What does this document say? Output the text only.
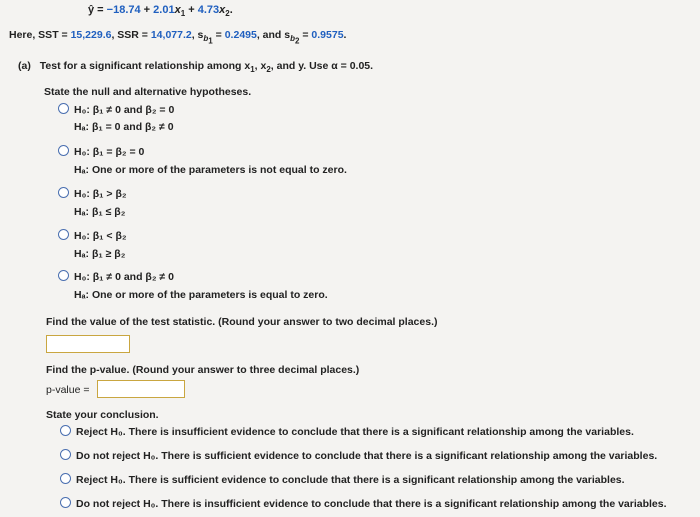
ŷ = $-18.74 + 2.01x_1 + 4.73x_2$.
Here, SST = 15,229.6, SSR = 14,077.2, $s_{b_1} = 0.2495$, and $s_{b_2} = 0.9575$.
(a) Test for a significant relationship among $x_1$, $x_2$, and y. Use α = 0.05.
State the null and alternative hypotheses.
H₀: β₁ ≠ 0 and β₂ = 0
Hₐ: β₁ = 0 and β₂ ≠ 0
H₀: β₁ = β₂ = 0
Hₐ: One or more of the parameters is not equal to zero.
H₀: β₁ > β₂
Hₐ: β₁ ≤ β₂
H₀: β₁ < β₂
Hₐ: β₁ ≥ β₂
H₀: β₁ ≠ 0 and β₂ ≠ 0
Hₐ: One or more of the parameters is equal to zero.
Find the value of the test statistic. (Round your answer to two decimal places.)
Find the p-value. (Round your answer to three decimal places.)
p-value =
State your conclusion.
Reject H₀. There is insufficient evidence to conclude that there is a significant relationship among the variables.
Do not reject H₀. There is sufficient evidence to conclude that there is a significant relationship among the variables.
Reject H₀. There is sufficient evidence to conclude that there is a significant relationship among the variables.
Do not reject H₀. There is insufficient evidence to conclude that there is a significant relationship among the variables.
